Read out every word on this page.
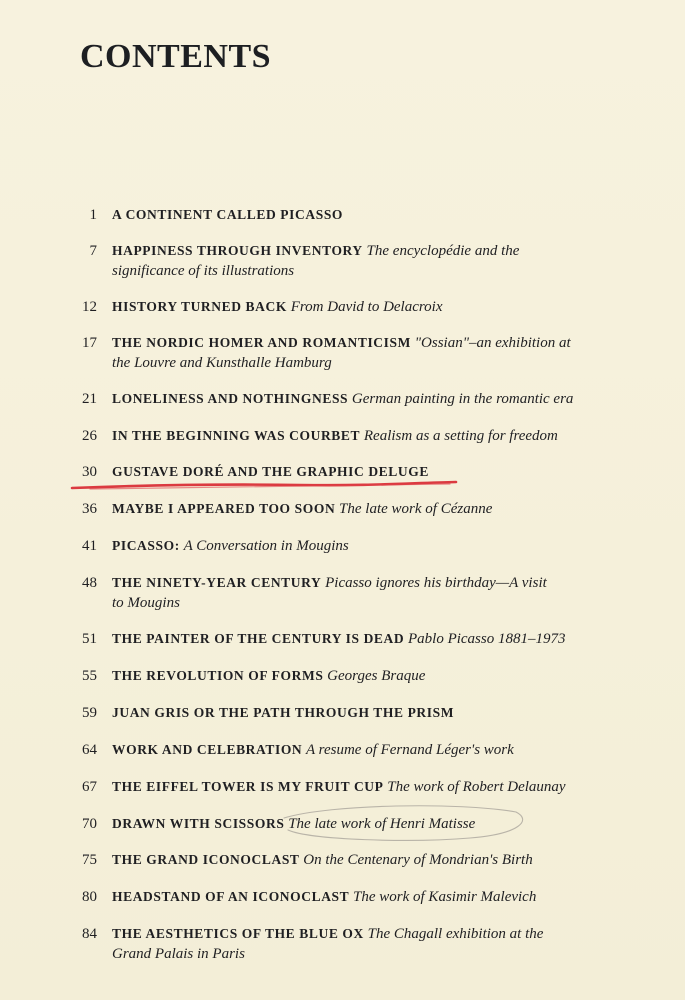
CONTENTS
1 A CONTINENT CALLED PICASSO
7 HAPPINESS THROUGH INVENTORY The encyclopédie and the
significance of its illustrations
12 HISTORY TURNED BACK From David to Delacroix
17 THE NORDIC HOMER AND ROMANTICISM "Ossian"–an exhibition at
the Louvre and Kunsthalle Hamburg
21 LONELINESS AND NOTHINGNESS German painting in the romantic era
26 IN THE BEGINNING WAS COURBET Realism as a setting for freedom
30 GUSTAVE DORÉ AND THE GRAPHIC DELUGE
36 MAYBE I APPEARED TOO SOON The late work of Cézanne
41 PICASSO: A Conversation in Mougins
48 THE NINETY-YEAR CENTURY Picasso ignores his birthday—A visit
to Mougins
51 THE PAINTER OF THE CENTURY IS DEAD Pablo Picasso 1881–1973
55 THE REVOLUTION OF FORMS Georges Braque
59 JUAN GRIS OR THE PATH THROUGH THE PRISM
64 WORK AND CELEBRATION A resume of Fernand Léger's work
67 THE EIFFEL TOWER IS MY FRUIT CUP The work of Robert Delaunay
70 DRAWN WITH SCISSORS The late work of Henri Matisse
75 THE GRAND ICONOCLAST On the Centenary of Mondrian's Birth
80 HEADSTAND OF AN ICONOCLAST The work of Kasimir Malevich
84 THE AESTHETICS OF THE BLUE OX The Chagall exhibition at the
Grand Palais in Paris
